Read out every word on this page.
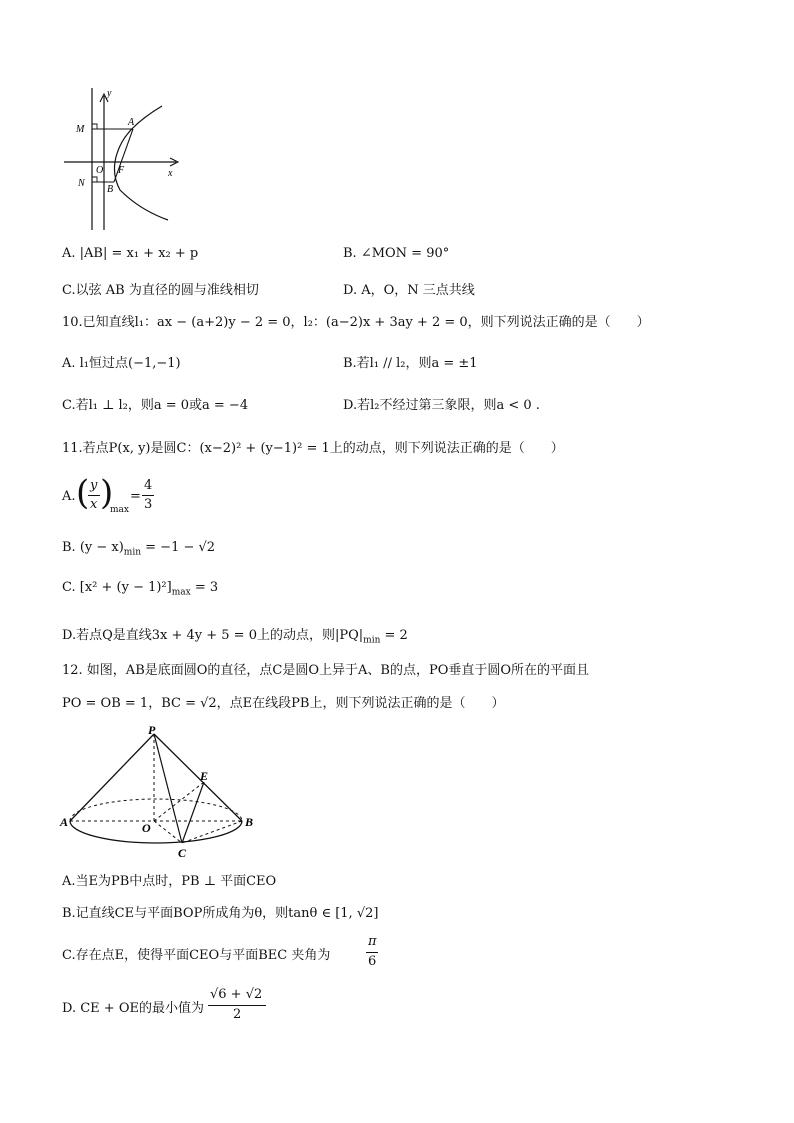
y
M
A
O F	x
N
B
A. |AB| = x₁ + x₂ + p	B. ∠MON = 90°
C.以弦 AB 为直径的圆与准线相切	D. A，O，N 三点共线
10.已知直线l₁：ax − (a+2)y − 2 = 0，l₂：(a−2)x + 3ay + 2 = 0，则下列说法正确的是（　　）
A. l₁恒过点(−1,−1)	B.若l₁ // l₂，则a = ±1
C.若l₁ ⊥ l₂，则a = 0或a = −4	D.若l₂不经过第三象限，则a < 0 .
11.若点P(x, y)是圆C：(x−2)² + (y−1)² = 1上的动点，则下列说法正确的是（　　）
A. ( y
x )
max
=
4
3
B. $(y - x)_{min} = -1 - √2$
C. $[x^2 + (y - 1)^2]_{max} = 3$
D.若点Q是直线3x + 4y + 5 = 0上的动点，则$|PQ|_{min} = 2$
12. 如图，AB是底面圆O的直径，点C是圆O上异于A、B的点，PO垂直于圆O所在的平面且
PO = OB = 1，BC = √2，点E在线段PB上，则下列说法正确的是（　　）
P
E
A	O	B
C
A.当E为PB中点时，PB ⊥ 平面CEO
B.记直线CE与平面BOP所成角为θ，则tanθ ∈ [1, √2]
C.存在点E，使得平面CEO与平面BEC 夹角为
π
6
D. CE + OE的最小值为
√6 + √2
2
